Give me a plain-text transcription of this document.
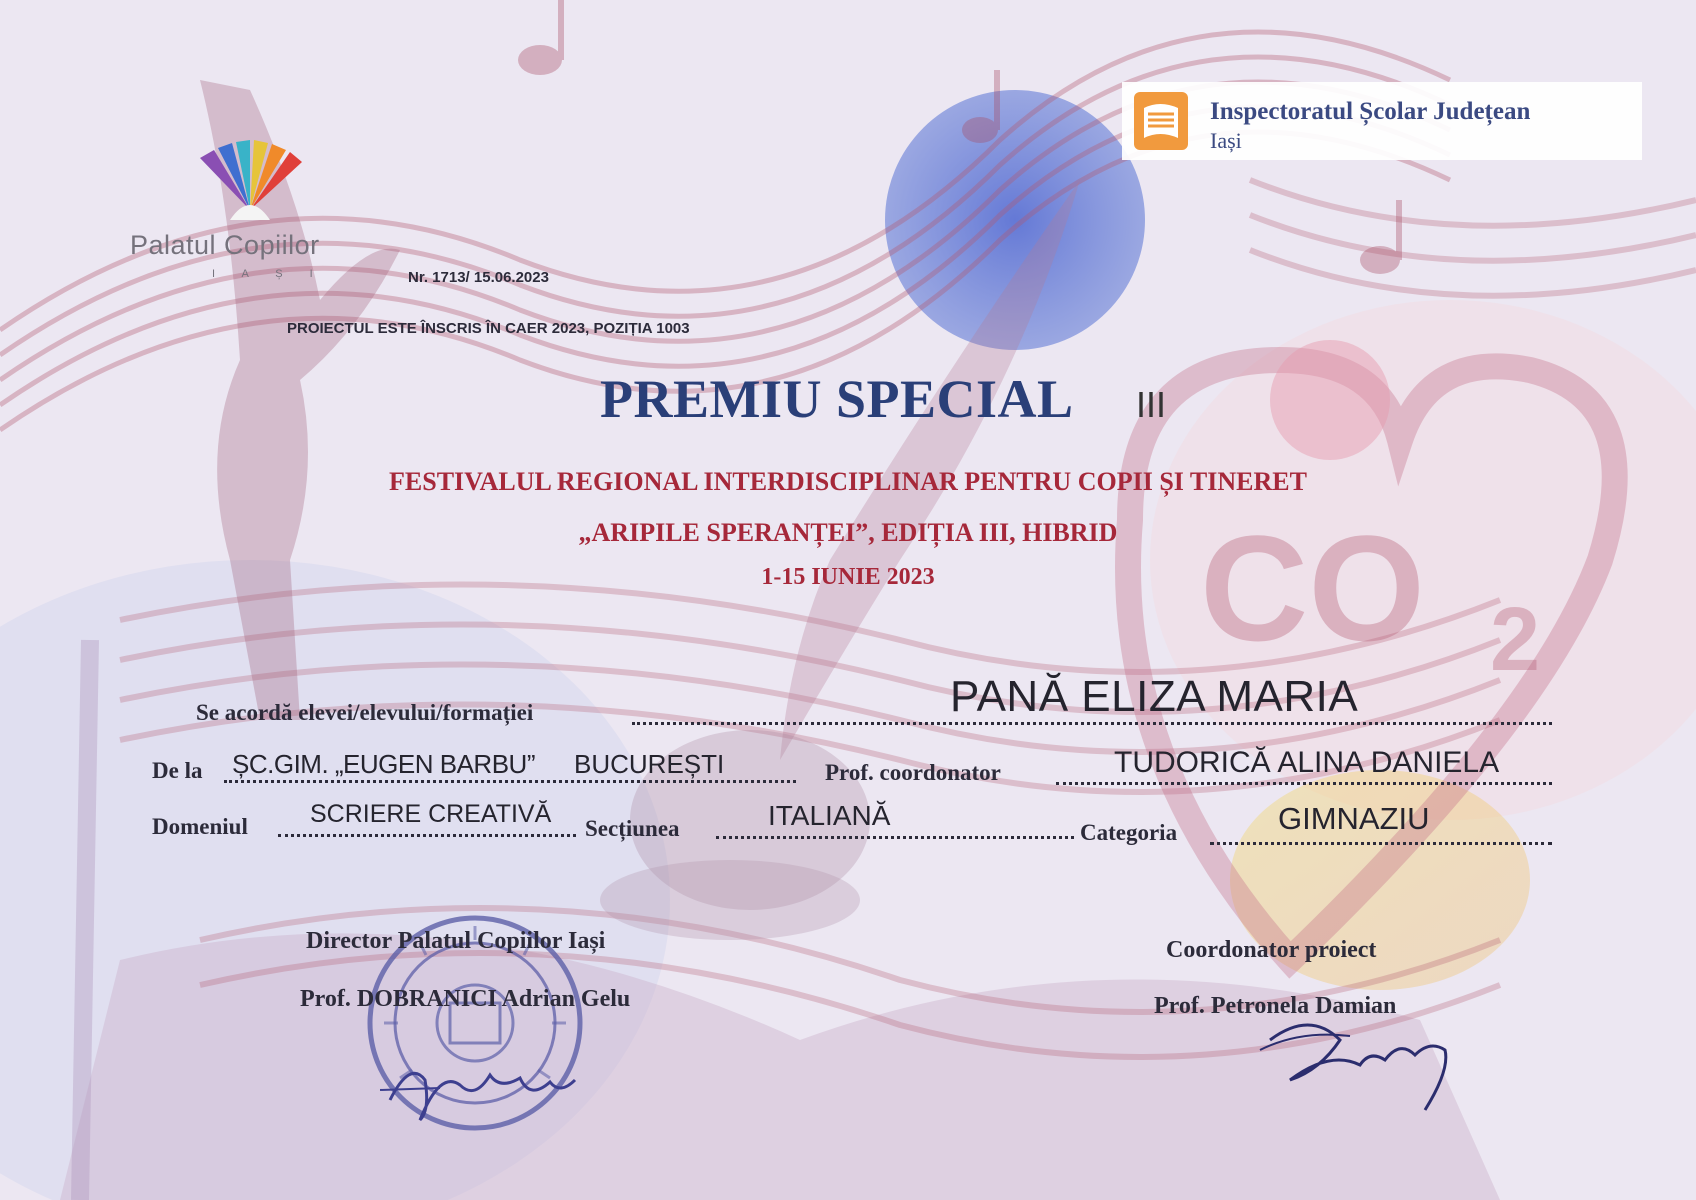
CO 2
Palatul Copiilor
I A Ș I
Inspectoratul Școlar Județean
Iași
Nr. 1713/ 15.06.2023
PROIECTUL ESTE ÎNSCRIS ÎN CAER 2023, POZIȚIA 1003
PREMIU SPECIAL III
FESTIVALUL REGIONAL INTERDISCIPLINAR PENTRU COPII ȘI TINERET
„ARIPILE SPERANȚEI”, EDIȚIA III, HIBRID
1-15 IUNIE 2023
Se acordă elevei/elevului/formației	PANĂ ELIZA MARIA
De la ȘC.GIM. „EUGEN BARBU” BUCUREȘTI	Prof. coordonator	TUDORICĂ ALINA DANIELA
Domeniul SCRIERE CREATIVĂ
Secțiunea	ITALIANĂ
Categoria	GIMNAZIU
Director Palatul Copiilor Iași
Prof. DOBRANICI Adrian Gelu
Coordonator proiect
Prof. Petronela Damian
